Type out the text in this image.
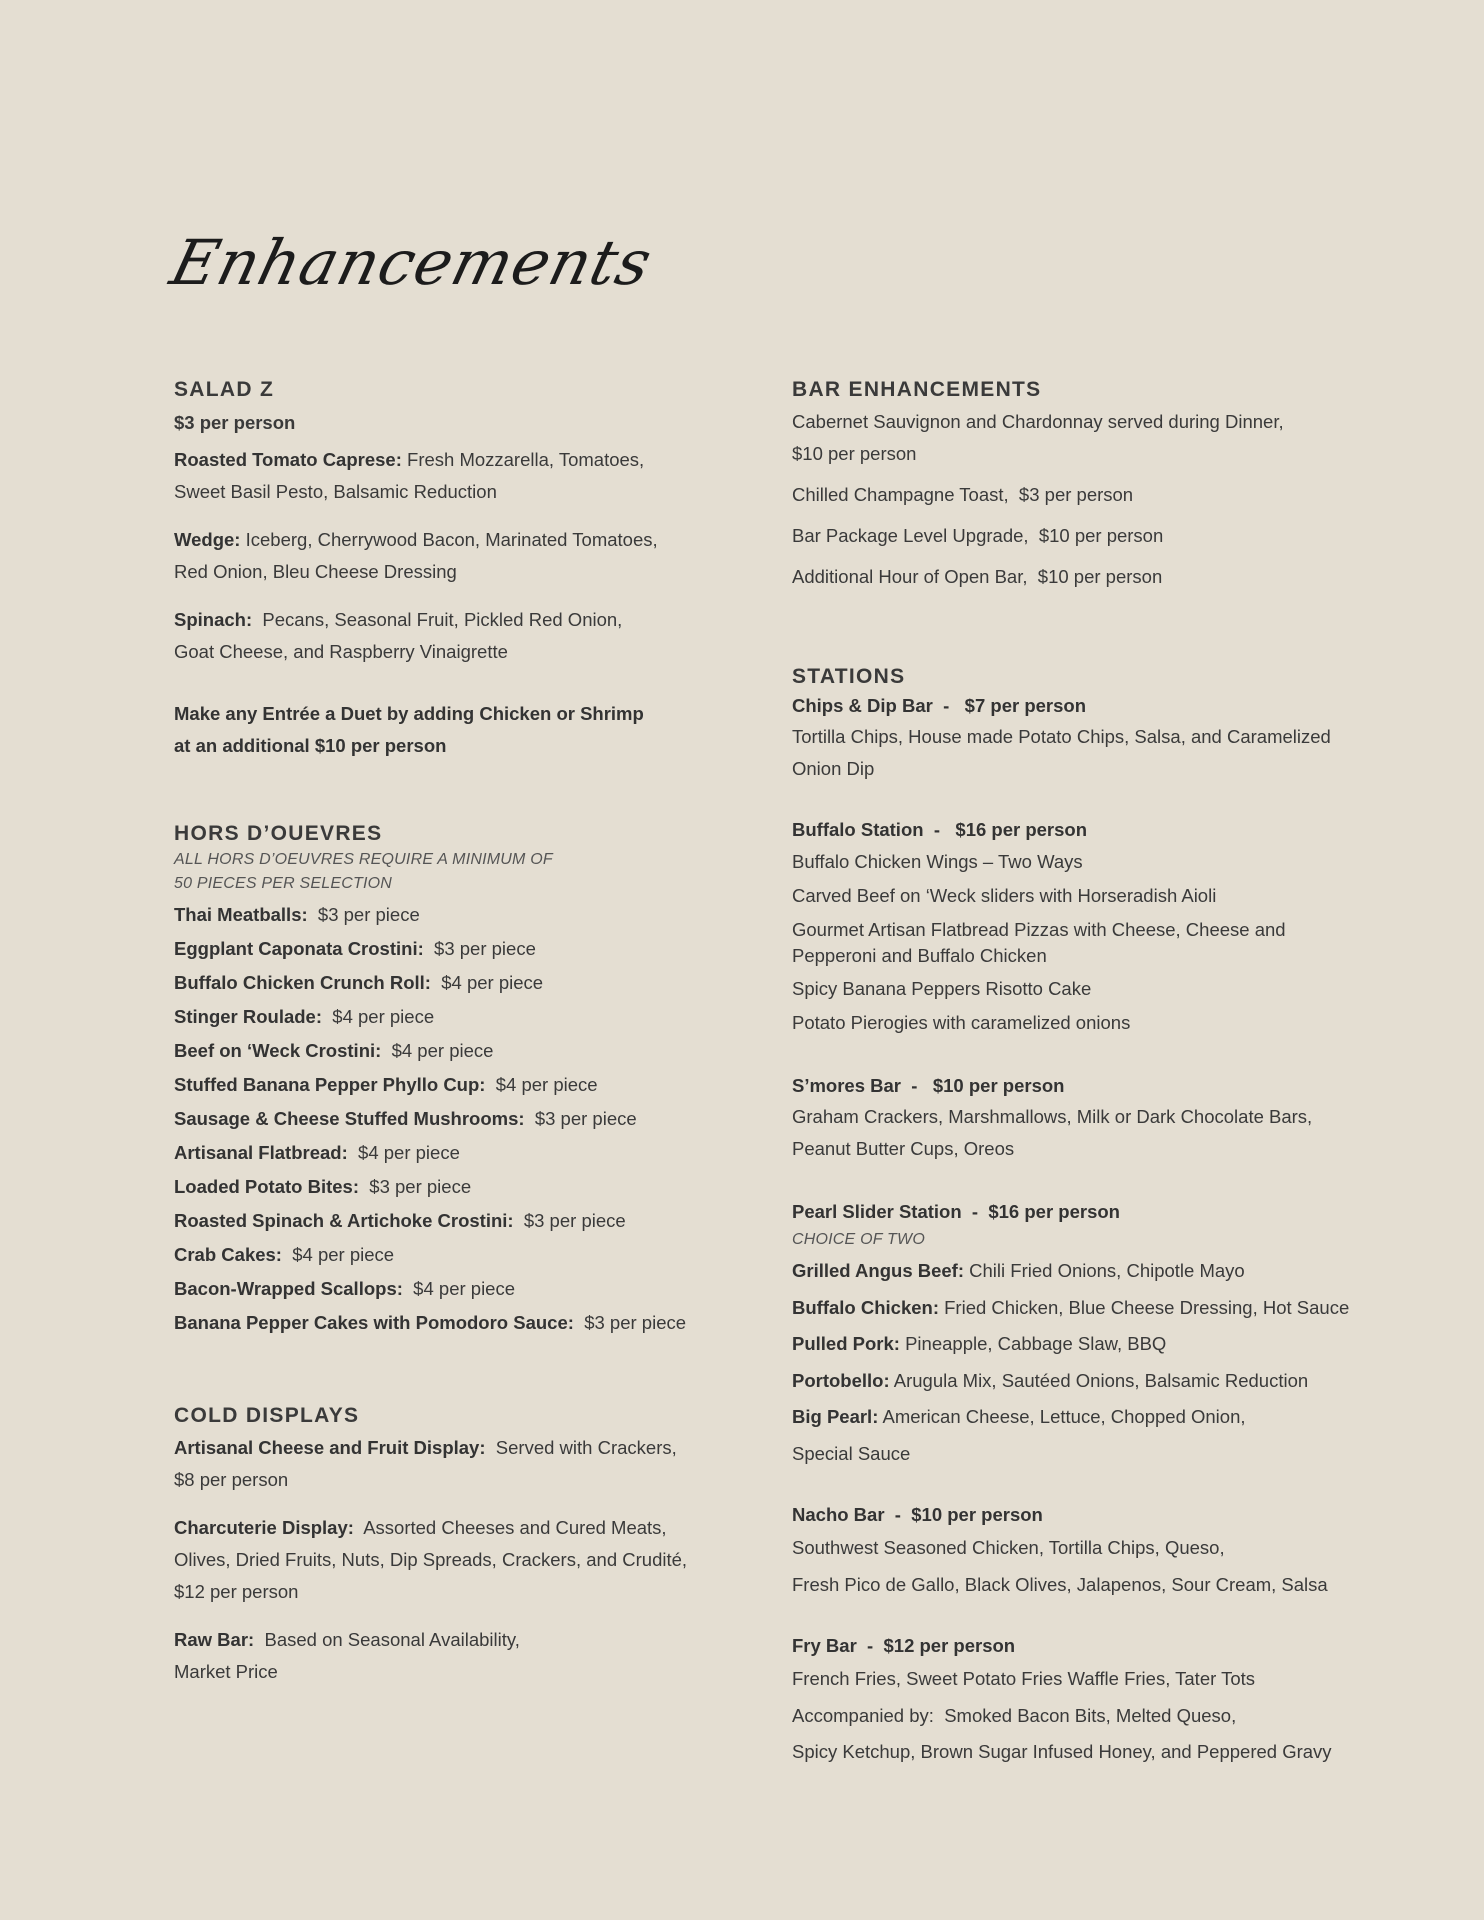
Enhancements
SALAD Z
$3 per person

Roasted Tomato Caprese: Fresh Mozzarella, Tomatoes,

Sweet Basil Pesto, Balsamic Reduction

Wedge: Iceberg, Cherrywood Bacon, Marinated Tomatoes,

Red Onion, Bleu Cheese Dressing

Spinach:  Pecans, Seasonal Fruit, Pickled Red Onion,

Goat Cheese, and Raspberry Vinaigrette

Make any Entrée a Duet by adding Chicken or Shrimp

at an additional $10 per person

HORS D’OUEVRES
ALL HORS D’OEUVRES REQUIRE A MINIMUM OF
50 PIECES PER SELECTION
Thai Meatballs:  $3 per piece
Eggplant Caponata Crostini:  $3 per piece
Buffalo Chicken Crunch Roll:  $4 per piece
Stinger Roulade:  $4 per piece
Beef on ‘Weck Crostini:  $4 per piece
Stuffed Banana Pepper Phyllo Cup:  $4 per piece
Sausage & Cheese Stuffed Mushrooms:  $3 per piece
Artisanal Flatbread:  $4 per piece
Loaded Potato Bites:  $3 per piece
Roasted Spinach & Artichoke Crostini:  $3 per piece
Crab Cakes:  $4 per piece
Bacon-Wrapped Scallops:  $4 per piece
Banana Pepper Cakes with Pomodoro Sauce:  $3 per piece
COLD DISPLAYS

Artisanal Cheese and Fruit Display:  Served with Crackers,

$8 per person

Charcuterie Display:  Assorted Cheeses and Cured Meats,

Olives, Dried Fruits, Nuts, Dip Spreads, Crackers, and Crudité,

$12 per person

Raw Bar:  Based on Seasonal Availability,

Market Price

BAR ENHANCEMENTS
Cabernet Sauvignon and Chardonnay served during Dinner,
$10 per person
Chilled Champagne Toast,  $3 per person
Bar Package Level Upgrade,  $10 per person
Additional Hour of Open Bar,  $10 per person
STATIONS
Chips & Dip Bar  -   $7 per person
Tortilla Chips, House made Potato Chips, Salsa, and Caramelized
Onion Dip
Buffalo Station  -   $16 per person
Buffalo Chicken Wings – Two Ways
Carved Beef on ‘Weck sliders with Horseradish Aioli
Gourmet Artisan Flatbread Pizzas with Cheese, Cheese and
Pepperoni and Buffalo Chicken
Spicy Banana Peppers Risotto Cake
Potato Pierogies with caramelized onions
S’mores Bar  -   $10 per person
Graham Crackers, Marshmallows, Milk or Dark Chocolate Bars,
Peanut Butter Cups, Oreos
Pearl Slider Station  -  $16 per person
CHOICE OF TWO
Grilled Angus Beef: Chili Fried Onions, Chipotle Mayo
Buffalo Chicken: Fried Chicken, Blue Cheese Dressing, Hot Sauce
Pulled Pork: Pineapple, Cabbage Slaw, BBQ
Portobello: Arugula Mix, Sautéed Onions, Balsamic Reduction
Big Pearl: American Cheese, Lettuce, Chopped Onion,
Special Sauce
Nacho Bar  -  $10 per person
Southwest Seasoned Chicken, Tortilla Chips, Queso,
Fresh Pico de Gallo, Black Olives, Jalapenos, Sour Cream, Salsa
Fry Bar  -  $12 per person
French Fries, Sweet Potato Fries Waffle Fries, Tater Tots
Accompanied by:  Smoked Bacon Bits, Melted Queso,
Spicy Ketchup, Brown Sugar Infused Honey, and Peppered Gravy
